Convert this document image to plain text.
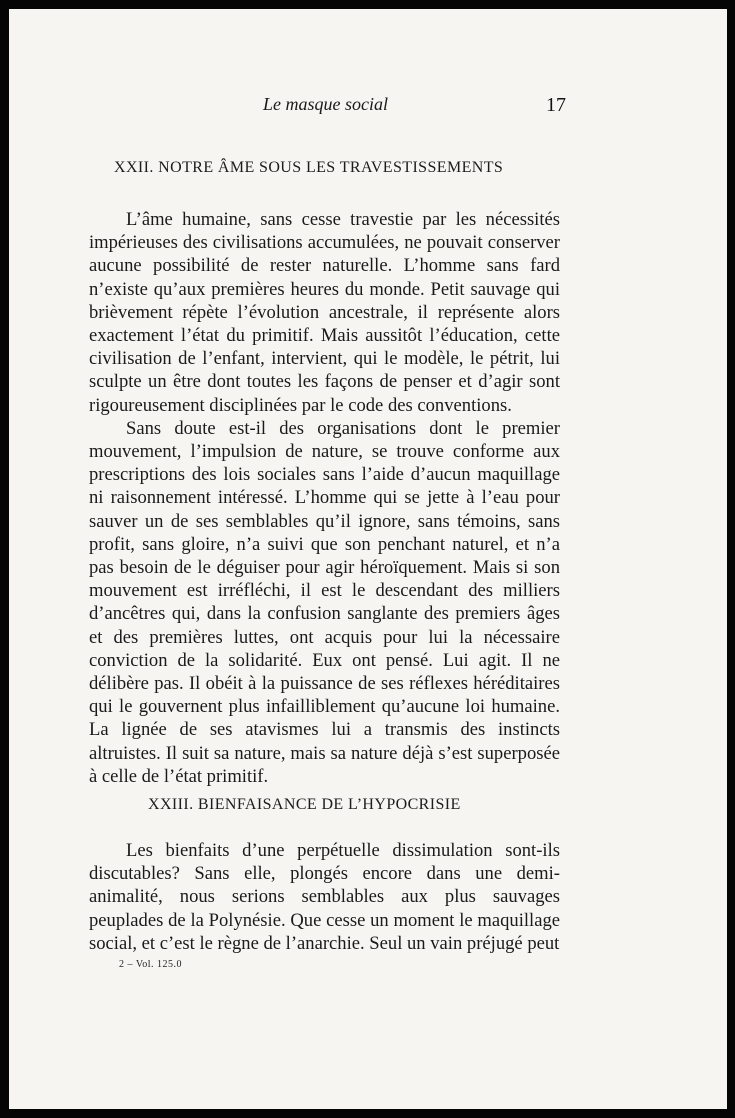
Le masque social	17
XXII. NOTRE ÂME SOUS LES TRAVESTISSEMENTS

L’âme humaine, sans cesse travestie par les nécessités impérieuses des civilisations accumulées, ne pouvait conserver aucune possibilité de rester naturelle. L’homme sans fard n’existe qu’aux premières heures du monde. Petit sauvage qui brièvement répète l’évolution ancestrale, il représente alors exactement l’état du primitif. Mais aussitôt l’éducation, cette civilisation de l’enfant, intervient, qui le modèle, le pétrit, lui sculpte un être dont toutes les façons de penser et d’agir sont rigoureusement disciplinées par le code des conventions.

Sans doute est-il des organisations dont le premier mouvement, l’impulsion de nature, se trouve conforme aux prescriptions des lois sociales sans l’aide d’aucun maquillage ni raisonnement intéressé. L’homme qui se jette à l’eau pour sauver un de ses semblables qu’il ignore, sans témoins, sans profit, sans gloire, n’a suivi que son penchant naturel, et n’a pas besoin de le déguiser pour agir héroïquement. Mais si son mouvement est irréfléchi, il est le descendant des milliers d’ancêtres qui, dans la confusion sanglante des premiers âges et des premières luttes, ont acquis pour lui la nécessaire conviction de la solidarité. Eux ont pensé. Lui agit. Il ne délibère pas. Il obéit à la puissance de ses réflexes héréditaires qui le gouvernent plus infailliblement qu’aucune loi humaine. La lignée de ses atavismes lui a transmis des instincts altruistes. Il suit sa nature, mais sa nature déjà s’est superposée à celle de l’état primitif.

XXIII. BIENFAISANCE DE L’HYPOCRISIE

Les bienfaits d’une perpétuelle dissimulation sont-ils discutables? Sans elle, plongés encore dans une demi-animalité, nous serions semblables aux plus sauvages peuplades de la Polynésie. Que cesse un moment le maquillage social, et c’est le règne de l’anarchie. Seul un vain préjugé peut

2 – Vol. 125.0
